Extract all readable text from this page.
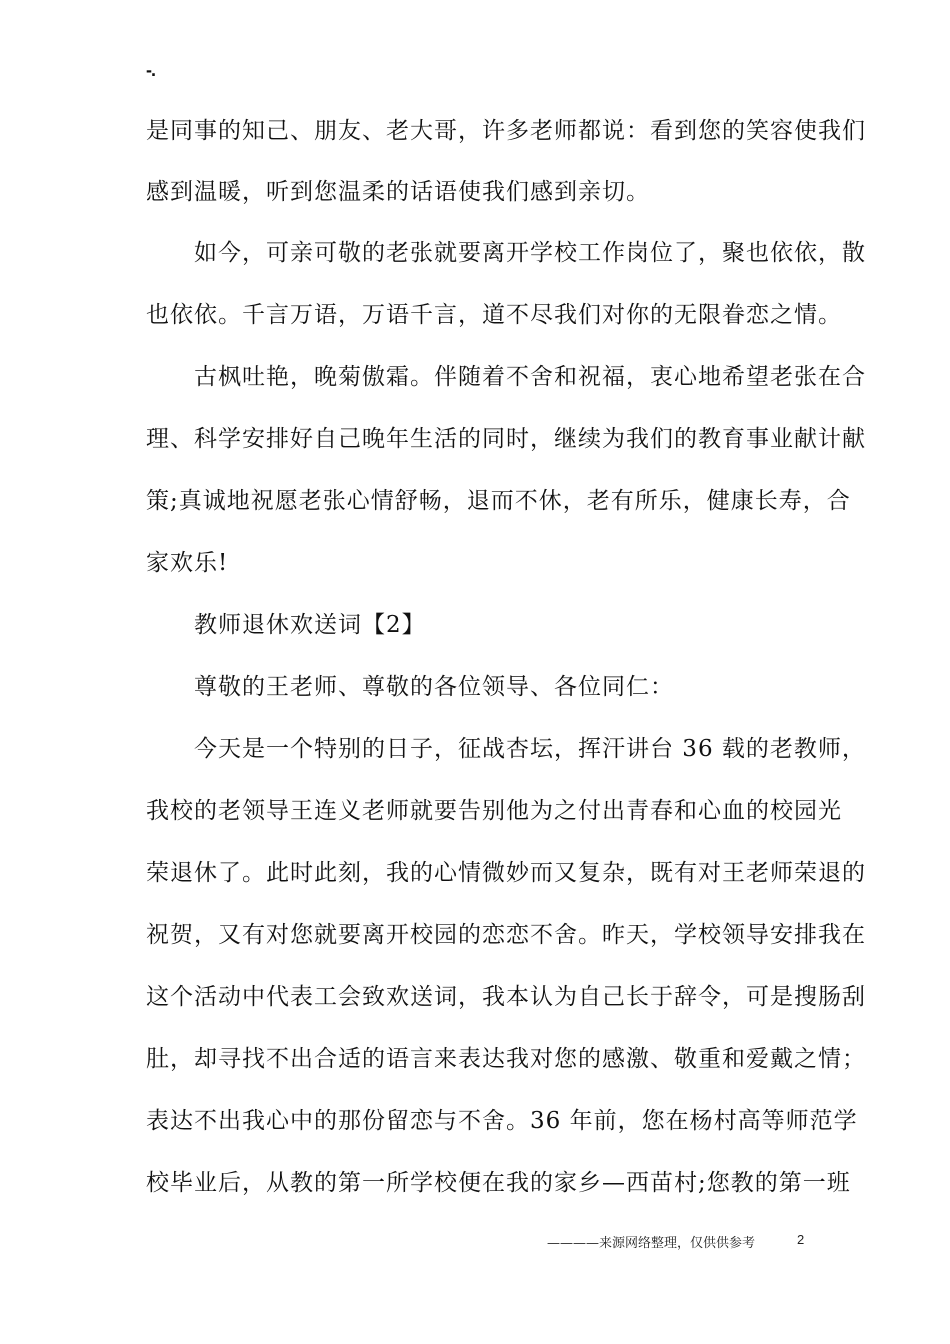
-.
是同事的知己、朋友、老大哥，许多老师都说：看到您的笑容使我们
感到温暖，听到您温柔的话语使我们感到亲切。
　　如今，可亲可敬的老张就要离开学校工作岗位了，聚也依依，散
也依依。千言万语，万语千言，道不尽我们对你的无限眷恋之情。
　　古枫吐艳，晚菊傲霜。伴随着不舍和祝福，衷心地希望老张在合
理、科学安排好自己晚年生活的同时，继续为我们的教育事业献计献
策;真诚地祝愿老张心情舒畅，退而不休，老有所乐，健康长寿，合
家欢乐!
　　教师退休欢送词【2】
　　尊敬的王老师、尊敬的各位领导、各位同仁：
　　今天是一个特别的日子，征战杏坛，挥汗讲台 36 载的老教师，
我校的老领导王连义老师就要告别他为之付出青春和心血的校园光
荣退休了。此时此刻，我的心情微妙而又复杂，既有对王老师荣退的
祝贺，又有对您就要离开校园的恋恋不舍。昨天，学校领导安排我在
这个活动中代表工会致欢送词，我本认为自己长于辞令，可是搜肠刮
肚，却寻找不出合适的语言来表达我对您的感激、敬重和爱戴之情；
表达不出我心中的那份留恋与不舍。36 年前，您在杨村高等师范学
校毕业后，从教的第一所学校便在我的家乡—西苗村;您教的第一班
————来源网络整理，仅供供参考	2
